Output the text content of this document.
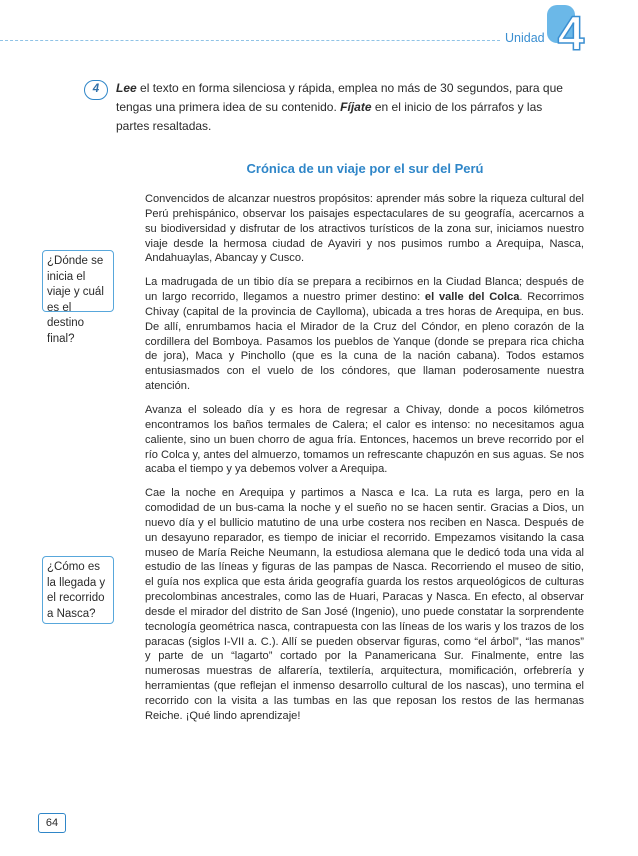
Unidad 4
4	Lee el texto en forma silenciosa y rápida, emplea no más de 30 segundos, para que tengas una primera idea de su contenido. Fíjate en el inicio de los párrafos y las partes resaltadas.
Crónica de un viaje por el sur del Perú
¿Dónde se inicia el viaje y cuál es el destino final?
¿Cómo es la llegada y el recorrido a Nasca?

Convencidos de alcanzar nuestros propósitos: aprender más sobre la riqueza cultural del Perú prehispánico, observar los paisajes espectaculares de su geografía, acercarnos a su biodiversidad y disfrutar de los atractivos turísticos de la zona sur, iniciamos nuestro viaje desde la hermosa ciudad de Ayaviri y nos pusimos rumbo a Arequipa, Nasca, Andahuaylas, Abancay y Cusco.

La madrugada de un tibio día se prepara a recibirnos en la Ciudad Blanca; después de un largo recorrido, llegamos a nuestro primer destino: el valle del Colca. Recorrimos Chivay (capital de la provincia de Caylloma), ubicada a tres horas de Arequipa, en bus. De allí, enrumbamos hacia el Mirador de la Cruz del Cóndor, en pleno corazón de la cordillera del Bomboya. Pasamos los pueblos de Yanque (donde se prepara rica chicha de jora), Maca y Pinchollo (que es la cuna de la nación cabana). Todos estamos entusiasmados con el vuelo de los cóndores, que llaman poderosamente nuestra atención.

Avanza el soleado día y es hora de regresar a Chivay, donde a pocos kilómetros encontramos los baños termales de Calera; el calor es intenso: no necesitamos agua caliente, sino un buen chorro de agua fría. Entonces, hacemos un breve recorrido por el río Colca y, antes del almuerzo, tomamos un refrescante chapuzón en sus aguas. Se nos acaba el tiempo y ya debemos volver a Arequipa.

Cae la noche en Arequipa y partimos a Nasca e Ica. La ruta es larga, pero en la comodidad de un bus-cama la noche y el sueño no se hacen sentir. Gracias a Dios, un nuevo día y el bullicio matutino de una urbe costera nos reciben en Nasca. Después de un desayuno reparador, es tiempo de iniciar el recorrido. Empezamos visitando la casa museo de María Reiche Neumann, la estudiosa alemana que le dedicó toda una vida al estudio de las líneas y figuras de las pampas de Nasca. Recorriendo el museo de sitio, el guía nos explica que esta árida geografía guarda los restos arqueológicos de culturas precolombinas ancestrales, como las de Huari, Paracas y Nasca. En efecto, al observar desde el mirador del distrito de San José (Ingenio), uno puede constatar la sorprendente tecnología geométrica nasca, contrapuesta con las líneas de los waris y los trazos de los paracas (siglos I-VII a. C.). Allí se pueden observar figuras, como “el árbol”, “las manos” y parte de un “lagarto” cortado por la Panamericana Sur. Finalmente, entre las numerosas muestras de alfarería, textilería, arquitectura, momificación, orfebrería y herramientas (que reflejan el inmenso desarrollo cultural de los nascas), uno termina el recorrido con la visita a las tumbas en las que reposan los restos de las hermanas Reiche. ¡Qué lindo aprendizaje!

64
